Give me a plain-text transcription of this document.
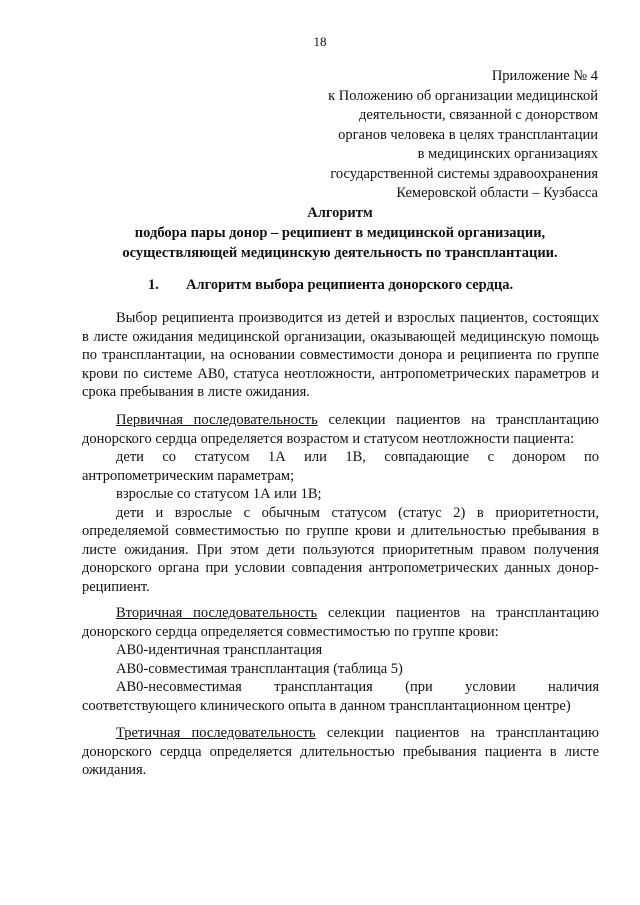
18
Приложение № 4
к Положению об организации медицинской
деятельности, связанной с донорством
органов человека в целях трансплантации
в медицинских организациях
государственной системы здравоохранения
Кемеровской области – Кузбасса
Алгоритм
подбора пары донор – реципиент в медицинской организации,
осуществляющей медицинскую деятельность по трансплантации.
1. Алгоритм выбора реципиента донорского сердца.

Выбор реципиента производится из детей и взрослых пациентов, состоящих в листе ожидания медицинской организации, оказывающей медицинскую помощь по трансплантации, на основании совместимости донора и реципиента по группе крови по системе АВ0, статуса неотложности, антропометрических параметров и срока пребывания в листе ожидания.

Первичная последовательность селекции пациентов на трансплантацию донорского сердца определяется возрастом и статусом неотложности пациента:

дети со статусом 1А или 1В, совпадающие с донором по антропометрическим параметрам;

взрослые со статусом 1А или 1В;

дети и взрослые с обычным статусом (статус 2) в приоритетности, определяемой совместимостью по группе крови и длительностью пребывания в листе ожидания. При этом дети пользуются приоритетным правом получения донорского органа при условии совпадения антропометрических данных донор-реципиент.

Вторичная последовательность селекции пациентов на трансплантацию донорского сердца определяется совместимостью по группе крови:

АВ0-идентичная трансплантация

АВ0-совместимая трансплантация (таблица 5)

АВ0-несовместимая трансплантация (при условии наличия соответствующего клинического опыта в данном трансплантационном центре)

Третичная последовательность селекции пациентов на трансплантацию донорского сердца определяется длительностью пребывания пациента в листе ожидания.
